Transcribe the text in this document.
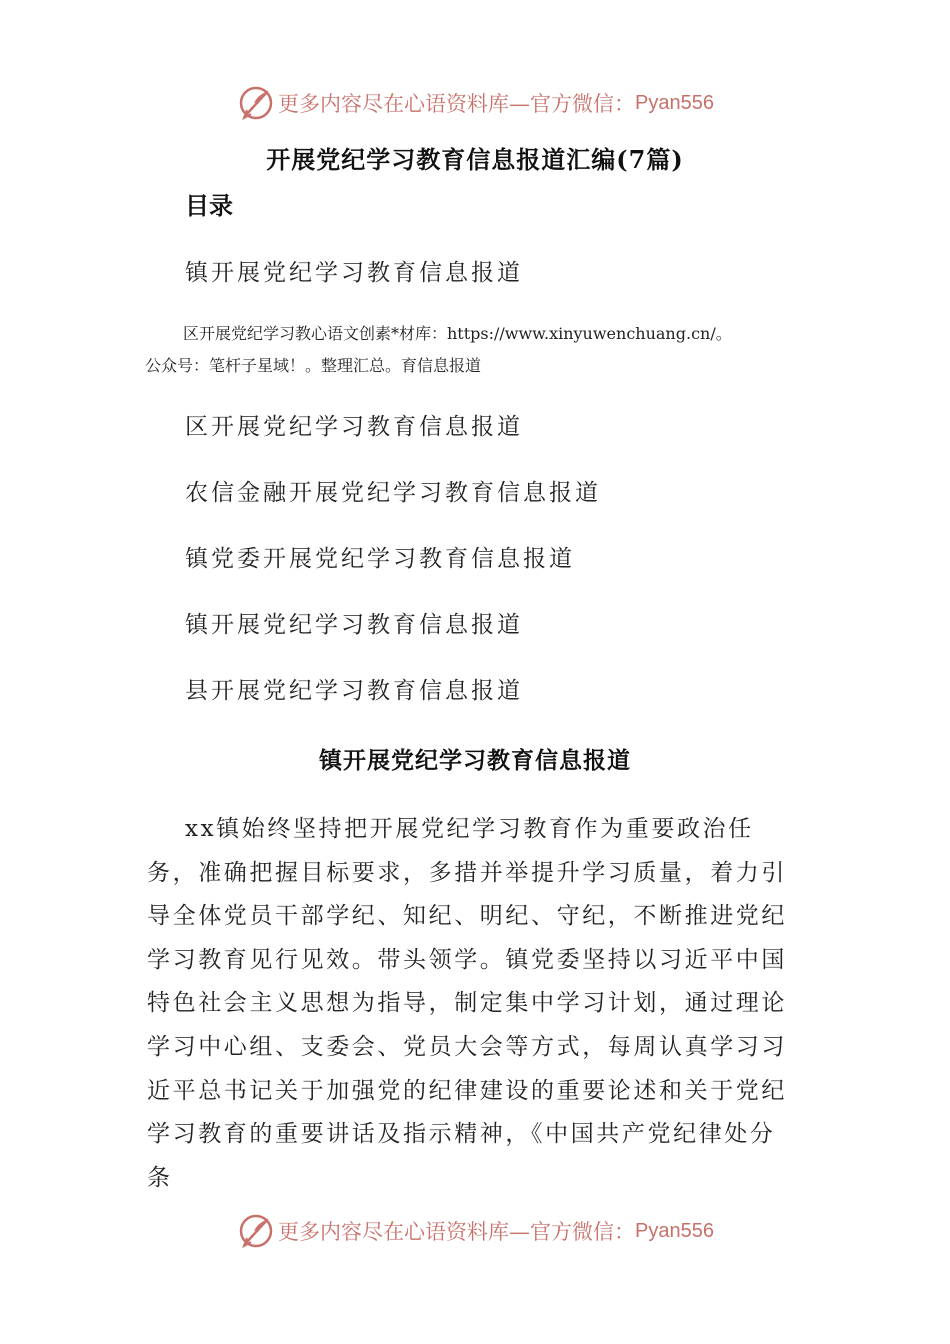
更多内容尽在心语资料库—官方微信： Pyan556
开展党纪学习教育信息报道汇编(7篇)
目录
镇开展党纪学习教育信息报道
区开展党纪学习教心语文创素*材库：https://www.xinyuwenchuang.cn/。
公众号：笔杆子星域！。整理汇总。育信息报道
区开展党纪学习教育信息报道
农信金融开展党纪学习教育信息报道
镇党委开展党纪学习教育信息报道
镇开展党纪学习教育信息报道
县开展党纪学习教育信息报道
镇开展党纪学习教育信息报道

xx镇始终坚持把开展党纪学习教育作为重要政治任务，准确把握目标要求，多措并举提升学习质量，着力引导全体党员干部学纪、知纪、明纪、守纪，不断推进党纪学习教育见行见效。带头领学。镇党委坚持以习近平中国特色社会主义思想为指导，制定集中学习计划，通过理论学习中心组、支委会、党员大会等方式，每周认真学习习近平总书记关于加强党的纪律建设的重要论述和关于党纪学习教育的重要讲话及指示精神，《中国共产党纪律处分条

更多内容尽在心语资料库—官方微信： Pyan556
